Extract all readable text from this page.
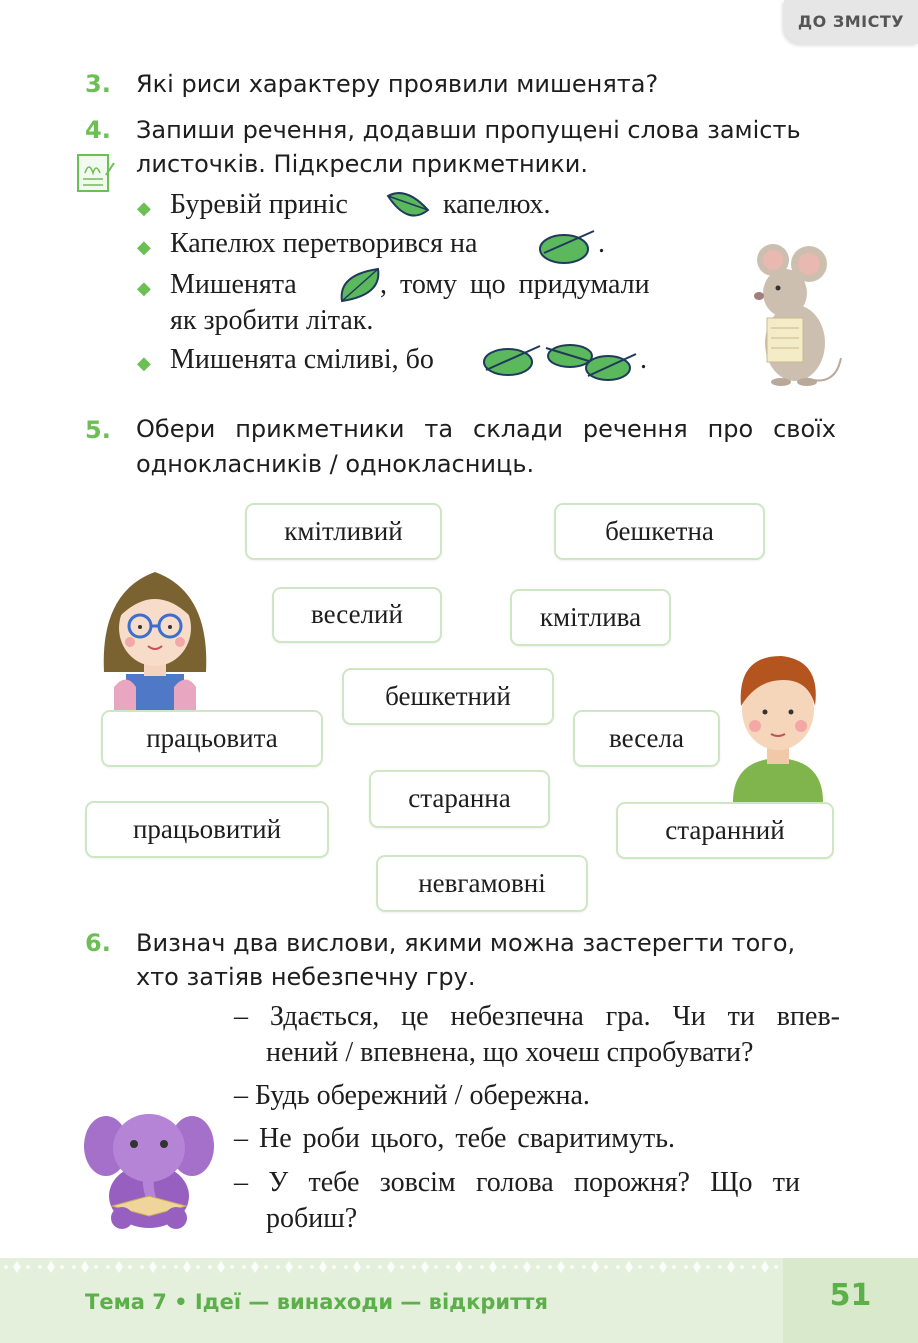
ДО ЗМІСТУ
3. Які риси характеру проявили мишенята?
4. Запиши речення, додавши пропущені слова замість
листочків. Підкресли прикметники.
◆ Буревій приніс	капелюх.
◆ Капелюх перетворився на	.
◆ Мишенята	, тому що придумали
як зробити літак.
◆ Мишенята сміливі, бо	.
5. Обери прикметники та склади речення про своїх
однокласників / однокласниць.
кмітливий	бешкетна
веселий	кмітлива
бешкетний
працьовита	весела
старанна
працьовитий	старанний
невгамовні
6. Визнач два вислови, якими можна застерегти того,
хто затіяв небезпечну гру.
– Здається, це небезпечна гра. Чи ти впев-
нений / впевнена, що хочеш спробувати?
– Будь обережний / обережна.
– Не роби цього, тебе сваритимуть.
– У тебе зовсім голова порожня? Що ти
робиш?
Тема 7 • Ідеї — винаходи — відкриття	51
